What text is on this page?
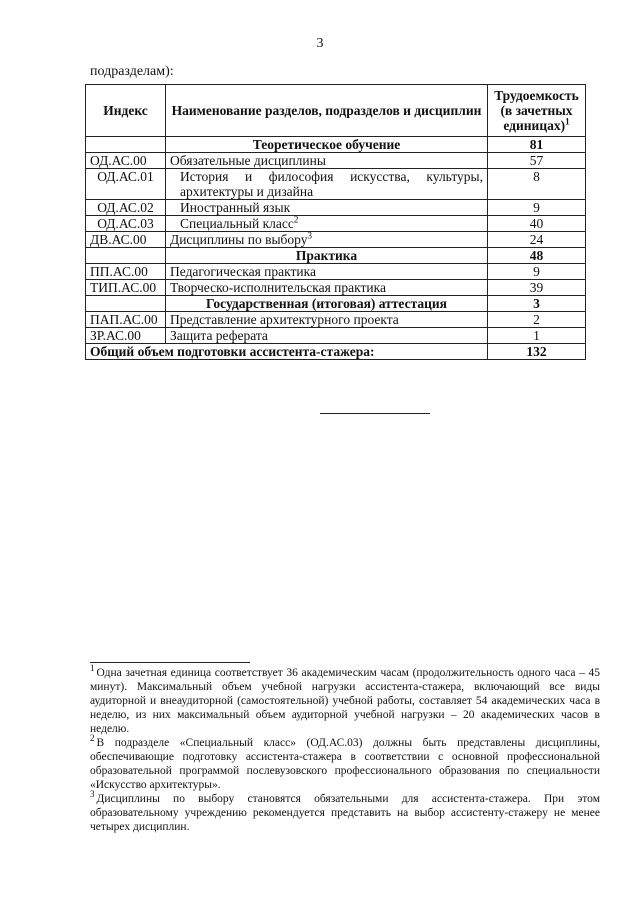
3
подразделам):
Индекс	Наименование разделов, подразделов и дисциплин	Трудоемкость (в зачетных единицах)$^1$
	Теоретическое обучение	81
ОД.АС.00	Обязательные дисциплины	57
ОД.АС.01	История и философия искусства, культуры, архитектуры и дизайна	8
ОД.АС.02	Иностранный язык	9
ОД.АС.03	Специальный класс$^2$	40
ДВ.АС.00	Дисциплины по выбору$^3$	24
	Практика	48
ПП.АС.00	Педагогическая практика	9
ТИП.АС.00	Творческо-исполнительская практика	39
	Государственная (итоговая) аттестация	3
ПАП.АС.00	Представление архитектурного проекта	2
ЗР.АС.00	Защита реферата	1
Общий объем подготовки ассистента-стажера:		132

$^1$ Одна зачетная единица соответствует 36 академическим часам (продолжительность одного часа – 45 минут). Максимальный объем учебной нагрузки ассистента-стажера, включающий все виды аудиторной и внеаудиторной (самостоятельной) учебной работы, составляет 54 академических часа в неделю, из них максимальный объем аудиторной учебной нагрузки – 20 академических часов в неделю.

$^2$ В подразделе «Специальный класс» (ОД.АС.03) должны быть представлены дисциплины, обеспечивающие подготовку ассистента-стажера в соответствии с основной профессиональной образовательной программой послевузовского профессионального образования по специальности «Искусство архитектуры».

$^3$ Дисциплины по выбору становятся обязательными для ассистента-стажера. При этом образовательному учреждению рекомендуется представить на выбор ассистенту-стажеру не менее четырех дисциплин.
